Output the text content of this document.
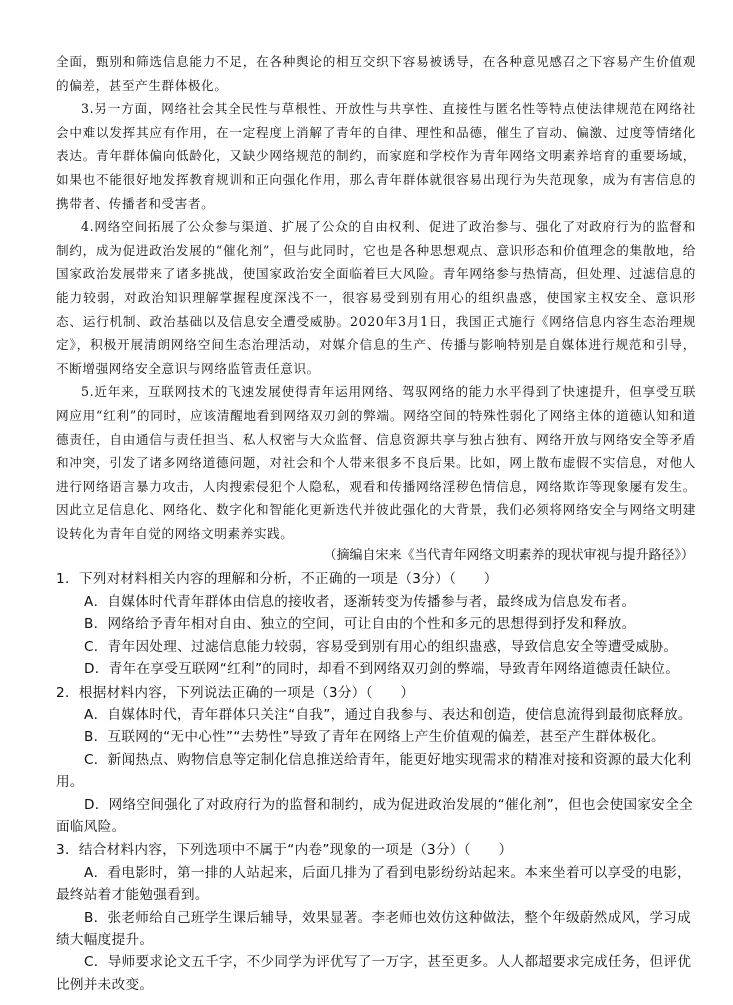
全面，甄别和筛选信息能力不足，在各种舆论的相互交织下容易被诱导，在各种意见感召之下容易产生价值观的偏差，甚至产生群体极化。

3.另一方面，网络社会其全民性与草根性、开放性与共享性、直接性与匿名性等特点使法律规范在网络社会中难以发挥其应有作用，在一定程度上消解了青年的自律、理性和品德，催生了盲动、偏激、过度等情绪化表达。青年群体偏向低龄化，又缺少网络规范的制约，而家庭和学校作为青年网络文明素养培育的重要场域，如果也不能很好地发挥教育规训和正向强化作用，那么青年群体就很容易出现行为失范现象，成为有害信息的携带者、传播者和受害者。

4.网络空间拓展了公众参与渠道、扩展了公众的自由权利、促进了政治参与、强化了对政府行为的监督和制约，成为促进政治发展的“催化剂”，但与此同时，它也是各种思想观点、意识形态和价值理念的集散地，给国家政治发展带来了诸多挑战，使国家政治安全面临着巨大风险。青年网络参与热情高，但处理、过滤信息的能力较弱，对政治知识理解掌握程度深浅不一，很容易受到别有用心的组织蛊惑，使国家主权安全、意识形态、运行机制、政治基础以及信息安全遭受威胁。2020年3月1日，我国正式施行《网络信息内容生态治理规定》，积极开展清朗网络空间生态治理活动，对媒介信息的生产、传播与影响特别是自媒体进行规范和引导，不断增强网络安全意识与网络监管责任意识。

5.近年来，互联网技术的飞速发展使得青年运用网络、驾驭网络的能力水平得到了快速提升，但享受互联网应用“红利”的同时，应该清醒地看到网络双刃剑的弊端。网络空间的特殊性弱化了网络主体的道德认知和道德责任，自由通信与责任担当、私人权密与大众监督、信息资源共享与独占独有、网络开放与网络安全等矛盾和冲突，引发了诸多网络道德问题，对社会和个人带来很多不良后果。比如，网上散布虚假不实信息，对他人进行网络语言暴力攻击，人肉搜索侵犯个人隐私，观看和传播网络淫秽色情信息，网络欺诈等现象屡有发生。因此立足信息化、网络化、数字化和智能化更新迭代并彼此强化的大背景，我们必须将网络安全与网络文明建设转化为青年自觉的网络文明素养实践。

（摘编自宋来《当代青年网络文明素养的现状审视与提升路径》）

1．下列对材料相关内容的理解和分析，不正确的一项是（3分）（　　）

A．自媒体时代青年群体由信息的接收者，逐渐转变为传播参与者，最终成为信息发布者。

B．网络给予青年相对自由、独立的空间，可让自由的个性和多元的思想得到抒发和释放。

C．青年因处理、过滤信息能力较弱，容易受到别有用心的组织蛊惑，导致信息安全等遭受威胁。

D．青年在享受互联网“红利”的同时，却看不到网络双刃剑的弊端，导致青年网络道德责任缺位。

2．根据材料内容，下列说法正确的一项是（3分）（　　）

A．自媒体时代，青年群体只关注“自我”，通过自我参与、表达和创造，使信息流得到最彻底释放。

B．互联网的“无中心性”“去势性”导致了青年在网络上产生价值观的偏差，甚至产生群体极化。

C．新闻热点、购物信息等定制化信息推送给青年，能更好地实现需求的精准对接和资源的最大化利用。

D．网络空间强化了对政府行为的监督和制约，成为促进政治发展的“催化剂”，但也会使国家安全全面临风险。

3．结合材料内容，下列选项中不属于“内卷”现象的一项是（3分）（　　）

A．看电影时，第一排的人站起来，后面几排为了看到电影纷纷站起来。本来坐着可以享受的电影，最终站着才能勉强看到。

B．张老师给自己班学生课后辅导，效果显著。李老师也效仿这种做法，整个年级蔚然成风，学习成绩大幅度提升。

C．导师要求论文五千字，不少同学为评优写了一万字，甚至更多。人人都超要求完成任务，但评优比例并未改变。
